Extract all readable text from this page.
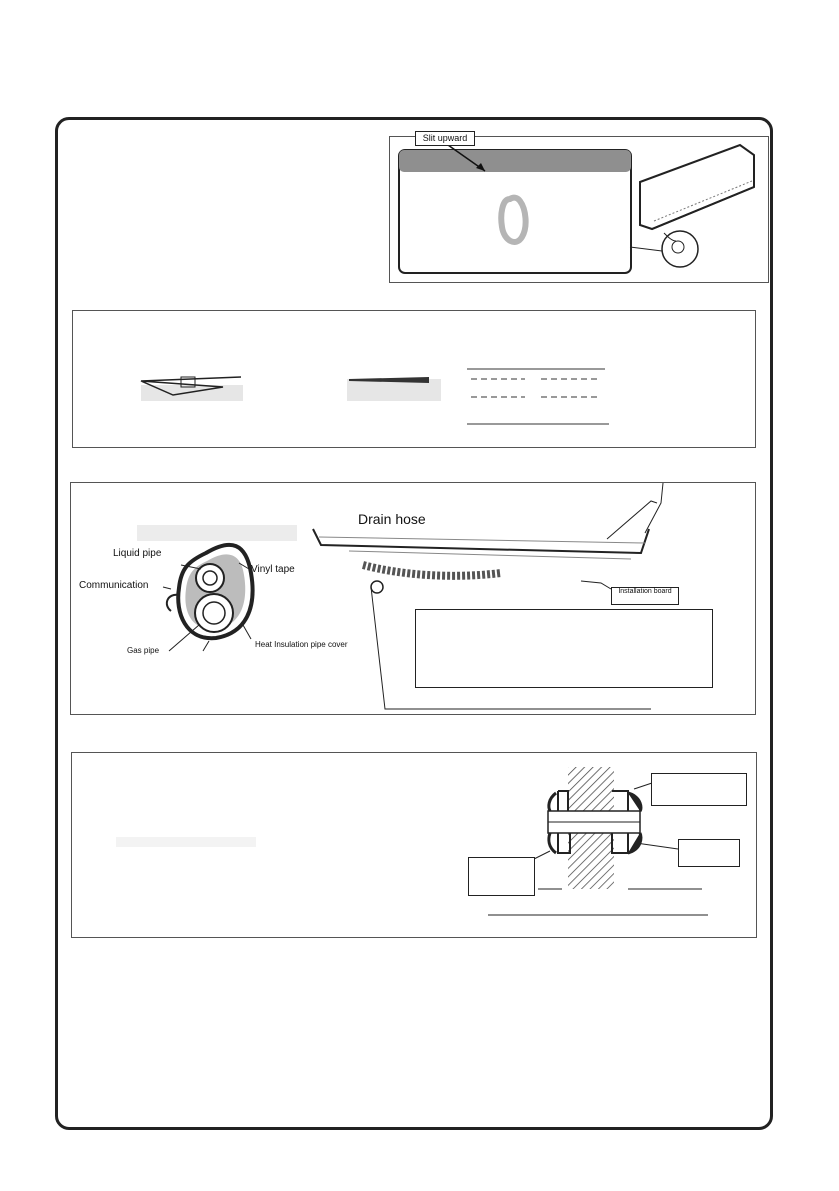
Slit upward
Drain hose
Liquid pipe
Vinyl tape
Communication
Gas pipe
Heat Insulation pipe cover
Installation board
